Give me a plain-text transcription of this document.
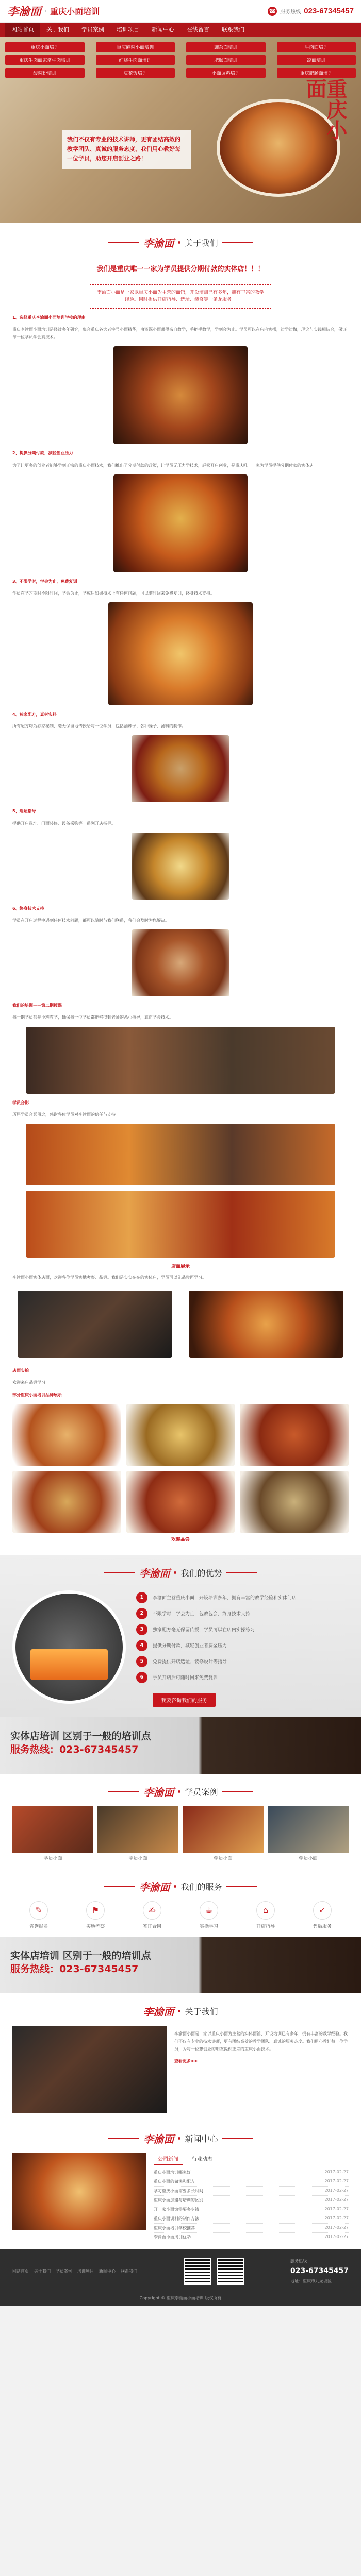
李渝面 · 重庆小面培训	☎ 服务热线 023-67345457
网站首页	关于我们	学员案例	培训项目	新闻中心	在线留言	联系我们
重庆小面培训	重庆麻辣小面培训	豌杂面培训	牛肉面培训
重庆牛肉面家常牛肉培训	红烧牛肉面培训	肥肠面培训	凉面培训
酸辣粉培训	豆花饭培训	小面调料培训	重庆肥肠面培训
重庆小面
我们不仅有专业的技术讲师，更有团结高效的教学团队、真诚的服务态度，我们用心教好每一位学员，助您开启创业之路！
李渝面 关于我们
我们是重庆唯一一家为学员提供分期付款的实体店！！！
李渝面小面是一家以重庆小面为主营的面馆，开设培训已有多年，拥有丰富的教学经验。同时提供开店指导、选址、装修等一条龙服务。

1、选择重庆李渝面小面培训学校的理由

重庆李渝面小面培训是经过多年研究，集合重庆各大老字号小面精华，由资深小面师傅亲自教学，手把手教学，学到会为止。学员可以在店内实操，边学边做，理论与实践相结合，保证每一位学员学会真技术。

2、提供分期付款，减轻创业压力

为了让更多的创业者能够学到正宗的重庆小面技术，我们推出了分期付款的政策，让学员无压力学技术，轻松开店创业，是重庆唯一一家为学员提供分期付款的实体店。

3、不限学时，学会为止，免费复训

学员在学习期间不限时间，学会为止，学成后如果技术上有任何问题，可以随时回来免费复训，终身技术支持。

4、独家配方，真材实料

所有配方均为独家秘制，毫无保留地传授给每一位学员，包括油辣子、各种臊子、汤料的制作。

5、选址指导

提供开店选址、门面装修、设备采购等一系列开店指导。

6、终身技术支持

学员在开店过程中遇到任何技术问题，都可以随时与我们联系，我们会及时为您解决。

我们的培训——第二期授课

每一期学员都是小班教学，确保每一位学员都能够得到老师的悉心指导，真正学会技术。

学员合影

历届学员合影留念，感谢各位学员对李渝面的信任与支持。

店面展示

李渝面小面实体店面，欢迎各位学员实地考察、品尝。我们是实实在在的实体店，学员可以先品尝再学习。

店面实拍

欢迎来店品尝学习

部分重庆小面培训品种展示

欢迎品尝

李渝面 我们的优势
1	李渝面主营重庆小面，开设培训多年，拥有丰富的教学经验和实体门店
2	不限学时，学会为止，包教包会，终身技术支持
3	独家配方毫无保留传授，学员可以在店内实操练习
4	提供分期付款，减轻创业者资金压力
5	免费提供开店选址、装修设计等指导
6	学员开店后可随时回来免费复训
我要咨询我们的服务
实体店培训 区别于一般的培训点
服务热线：023-67345457
李渝面 学员案例
学员小面	学员小面	学员小面	学员小面
李渝面 我们的服务
✎
咨询报名
⚑
实地考察
✍
签订合同
☕
实操学习
⌂
开店指导
✓
售后服务
实体店培训 区别于一般的培训点
服务热线：023-67345457
李渝面 关于我们

李渝面小面是一家以重庆小面为主营的实体面馆，开设培训已有多年，拥有丰富的教学经验。我们不仅有专业的技术讲师，更有团结高效的教学团队、真诚的服务态度。我们用心教好每一位学员，为每一位想创业的朋友提供正宗的重庆小面技术。

查看更多>>

李渝面 新闻中心
公司新闻	行业动态
重庆小面培训哪家好	2017-02-27
重庆小面的做法和配方	2017-02-27
学习重庆小面需要多长时间	2017-02-27
重庆小面加盟与培训的区别	2017-02-27
开一家小面馆需要多少钱	2017-02-27
重庆小面调料的制作方法	2017-02-27
重庆小面培训学校推荐	2017-02-27
李渝面小面培训优势	2017-02-27
网站首页 关于我们 学员案例 培训项目 新闻中心 联系我们
服务热线
023-67345457
地址：重庆市九龙坡区
Copyright © 重庆李渝面小面培训 版权所有
